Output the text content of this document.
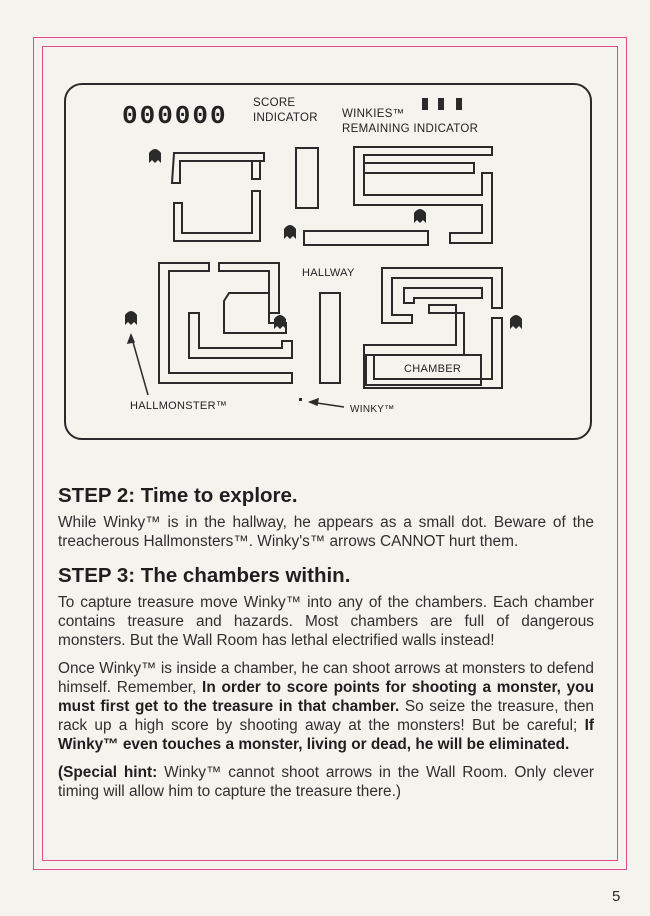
000000 SCORE
INDICATOR WINKIES™
REMAINING INDICATOR
HALLWAY
CHAMBER
HALLMONSTER™	WINKY™
STEP 2: Time to explore.

While Winky™ is in the hallway, he appears as a small dot. Beware of the treacherous Hallmonsters™. Winky's™ arrows CANNOT hurt them.

STEP 3: The chambers within.

To capture treasure move Winky™ into any of the chambers. Each chamber contains treasure and hazards. Most chambers are full of dangerous monsters. But the Wall Room has lethal electrified walls instead!

Once Winky™ is inside a chamber, he can shoot arrows at monsters to defend himself. Remember, In order to score points for shooting a monster, you must first get to the treasure in that chamber. So seize the treasure, then rack up a high score by shooting away at the monsters! But be careful; If Winky™ even touches a monster, living or dead, he will be eliminated.

(Special hint: Winky™ cannot shoot arrows in the Wall Room. Only clever timing will allow him to capture the treasure there.)

5
